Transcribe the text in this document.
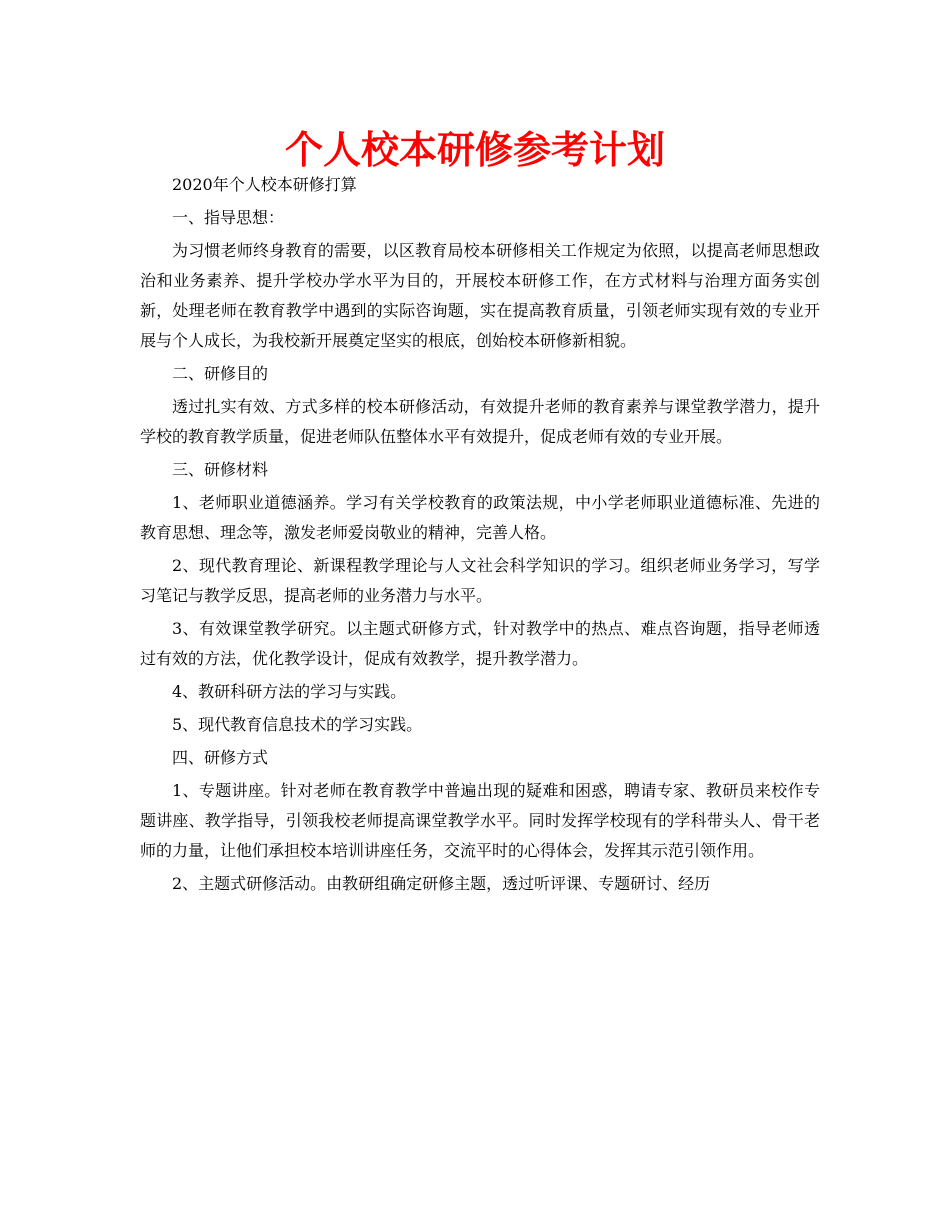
个人校本研修参考计划

2020年个人校本研修打算

一、指导思想：

为习惯老师终身教育的需要，以区教育局校本研修相关工作规定为依照，以提高老师思想政治和业务素养、提升学校办学水平为目的，开展校本研修工作，在方式材料与治理方面务实创新，处理老师在教育教学中遇到的实际咨询题，实在提高教育质量，引领老师实现有效的专业开展与个人成长，为我校新开展奠定坚实的根底，创始校本研修新相貌。

二、研修目的

透过扎实有效、方式多样的校本研修活动，有效提升老师的教育素养与课堂教学潜力，提升学校的教育教学质量，促进老师队伍整体水平有效提升，促成老师有效的专业开展。

三、研修材料

1、老师职业道德涵养。学习有关学校教育的政策法规，中小学老师职业道德标准、先进的教育思想、理念等，激发老师爱岗敬业的精神，完善人格。

2、现代教育理论、新课程教学理论与人文社会科学知识的学习。组织老师业务学习，写学习笔记与教学反思，提高老师的业务潜力与水平。

3、有效课堂教学研究。以主题式研修方式，针对教学中的热点、难点咨询题，指导老师透过有效的方法，优化教学设计，促成有效教学，提升教学潜力。

4、教研科研方法的学习与实践。

5、现代教育信息技术的学习实践。

四、研修方式

1、专题讲座。针对老师在教育教学中普遍出现的疑难和困惑，聘请专家、教研员来校作专题讲座、教学指导，引领我校老师提高课堂教学水平。同时发挥学校现有的学科带头人、骨干老师的力量，让他们承担校本培训讲座任务，交流平时的心得体会，发挥其示范引领作用。

2、主题式研修活动。由教研组确定研修主题，透过听评课、专题研讨、经历
